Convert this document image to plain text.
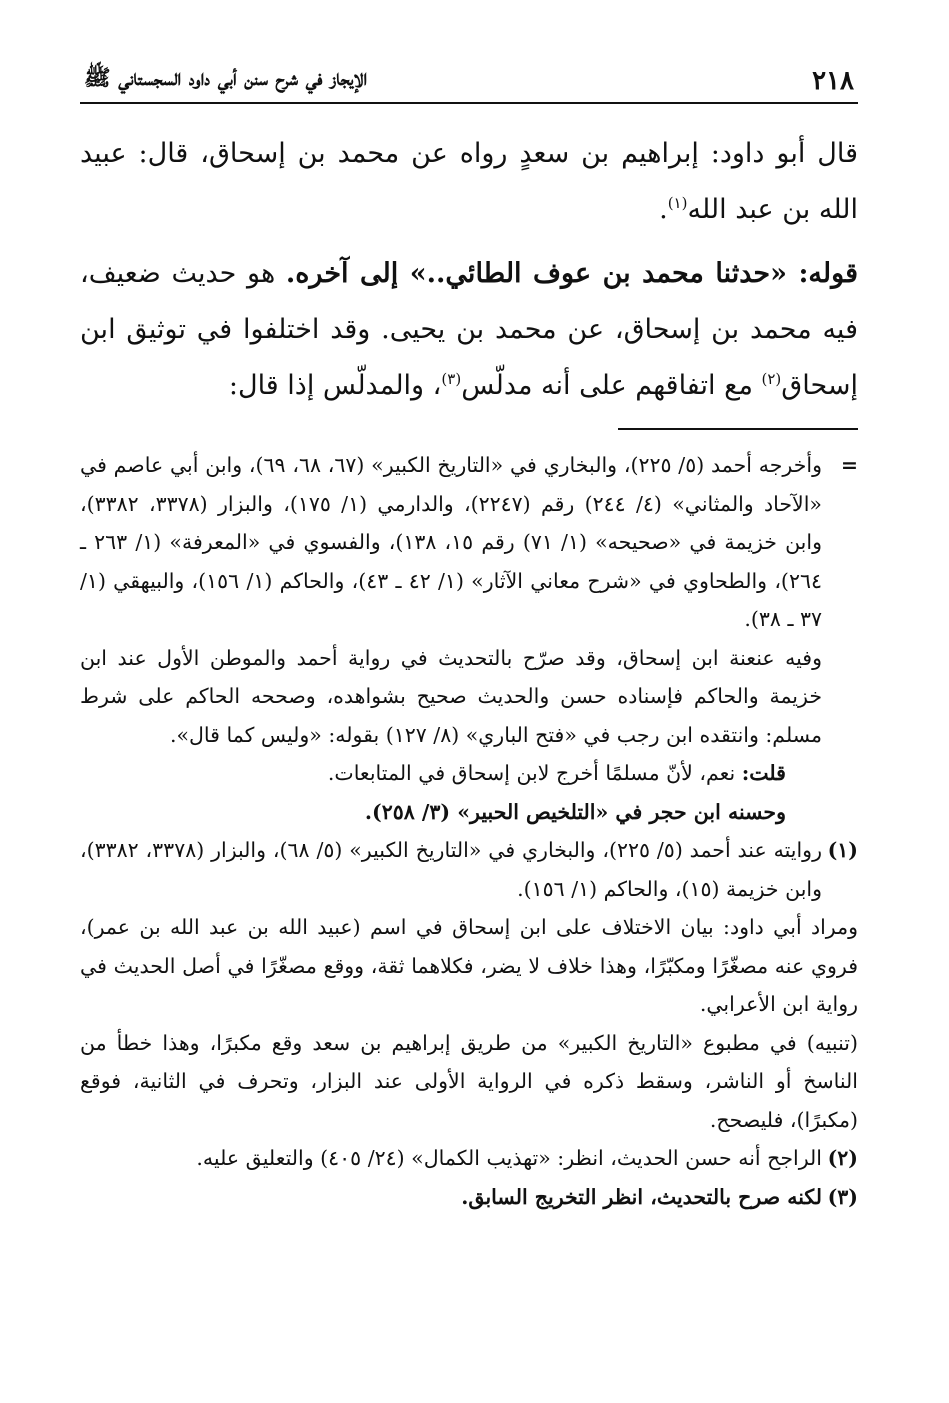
٢١٨
الإيجاز في شرح سنن أبي داود السجستاني ﷺ

قال أبو داود: إبراهيم بن سعدٍ رواه عن محمد بن إسحاق، قال: عبيد الله بن عبد الله$^{(١)}$.

قوله: «حدثنا محمد بن عوف الطائي..» إلى آخره. هو حديث ضعيف، فيه محمد بن إسحاق، عن محمد بن يحيى. وقد اختلفوا في توثيق ابن إسحاق$^{(٢)}$ مع اتفاقهم على أنه مدلّس$^{(٣)}$، والمدلّس إذا قال:

=

وأخرجه أحمد (٥/ ٢٢٥)، والبخاري في «التاريخ الكبير» (٦٧، ٦٨، ٦٩)، وابن أبي عاصم في «الآحاد والمثاني» (٤/ ٢٤٤) رقم (٢٢٤٧)، والدارمي (١/ ١٧٥)، والبزار (٣٣٧٨، ٣٣٨٢)، وابن خزيمة في «صحيحه» (١/ ٧١) رقم ١٥، ١٣٨)، والفسوي في «المعرفة» (١/ ٢٦٣ ـ ٢٦٤)، والطحاوي في «شرح معاني الآثار» (١/ ٤٢ ـ ٤٣)، والحاكم (١/ ١٥٦)، والبيهقي (١/ ٣٧ ـ ٣٨).

وفيه عنعنة ابن إسحاق، وقد صرّح بالتحديث في رواية أحمد والموطن الأول عند ابن خزيمة والحاكم فإسناده حسن والحديث صحيح بشواهده، وصححه الحاكم على شرط مسلم: وانتقده ابن رجب في «فتح الباري» (٨/ ١٢٧) بقوله: «وليس كما قال».

قلت: نعم، لأنّ مسلمًا أخرج لابن إسحاق في المتابعات.

وحسنه ابن حجر في «التلخيص الحبير» (٣/ ٢٥٨).

(١)

روايته عند أحمد (٥/ ٢٢٥)، والبخاري في «التاريخ الكبير» (٥/ ٦٨)، والبزار (٣٣٧٨، ٣٣٨٢)، وابن خزيمة (١٥)، والحاكم (١/ ١٥٦).

ومراد أبي داود: بيان الاختلاف على ابن إسحاق في اسم (عبيد الله بن عبد الله بن عمر)، فروي عنه مصغّرًا ومكبّرًا، وهذا خلاف لا يضر، فكلاهما ثقة، ووقع مصغّرًا في أصل الحديث في رواية ابن الأعرابي.

(تنبيه) في مطبوع «التاريخ الكبير» من طريق إبراهيم بن سعد وقع مكبرًا، وهذا خطأ من الناسخ أو الناشر، وسقط ذكره في الرواية الأولى عند البزار، وتحرف في الثانية، فوقع (مكبرًا)، فليصحح.

(٢)

الراجح أنه حسن الحديث، انظر: «تهذيب الكمال» (٢٤/ ٤٠٥) والتعليق عليه.

(٣)

لكنه صرح بالتحديث، انظر التخريج السابق.
